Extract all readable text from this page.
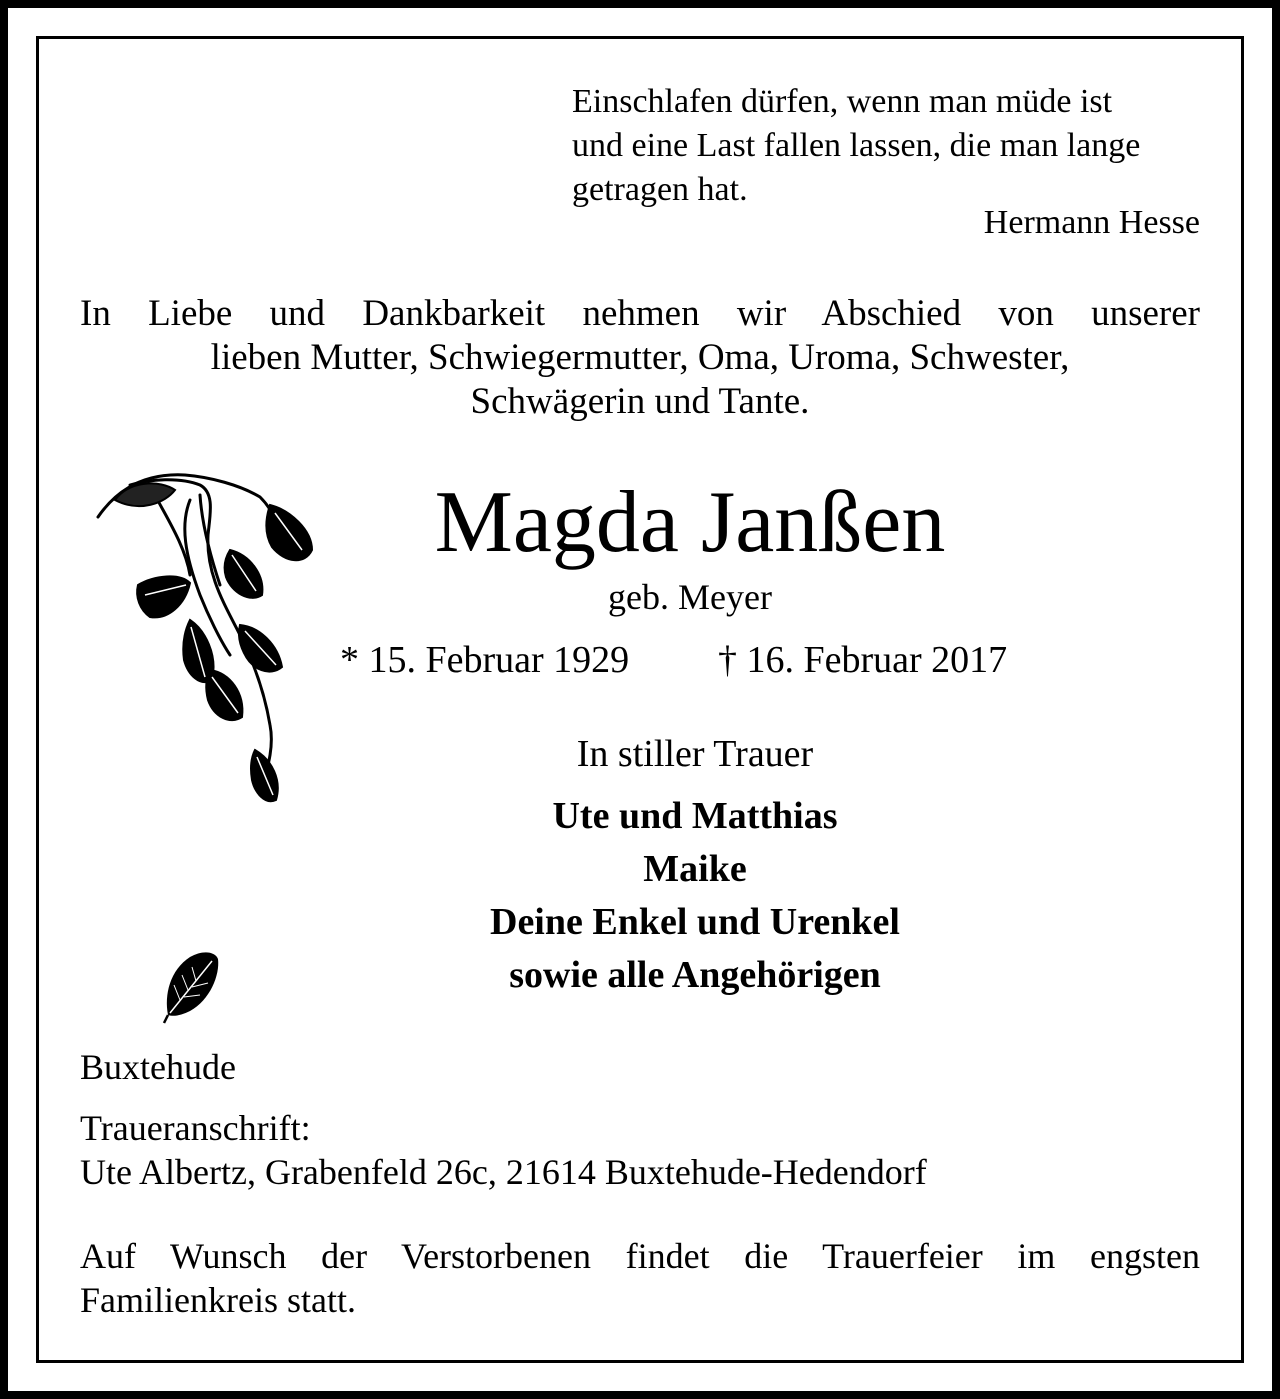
Einschlafen dürfen, wenn man müde ist
und eine Last fallen lassen, die man lange
getragen hat.
Hermann Hesse
In Liebe und Dankbarkeit nehmen wir Abschied von unserer
lieben Mutter, Schwiegermutter, Oma, Uroma, Schwester,
Schwägerin und Tante.
Magda Janßen
geb. Meyer
* 15. Februar 1929 † 16. Februar 2017
In stiller Trauer
Ute und Matthias
Maike
Deine Enkel und Urenkel
sowie alle Angehörigen
Buxtehude
Traueranschrift:
Ute Albertz, Grabenfeld 26c, 21614 Buxtehude-Hedendorf
Auf Wunsch der Verstorbenen findet die Trauerfeier im engsten
Familienkreis statt.
